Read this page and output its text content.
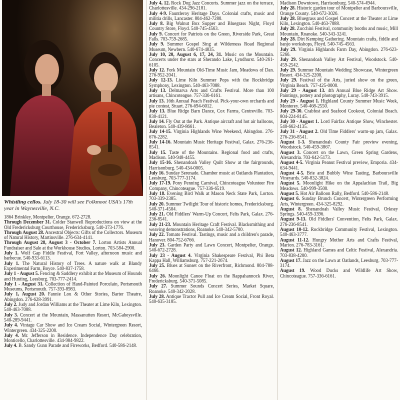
Whistling cellos. July 18-30 will see Folkmoot USA's 17th year in Waynesville, N.C.

1864 Brinkley, Montpelier, Orange. 672-2728.

Through December 31. Colder Stanwell Reproductions on view at the Old Fredericksburg Courthouse, Fredericksburg. 540-373-1776.

Through August 28. Ancestral Objects: Gifts of the Collectors. Museum of Natural History, Martinsville. 276-634-4141.

Through August 28, August 3 - October 7. Lorton Artists Annual Fundraiser and Sale at the Workhouse Studios, Lorton. 703-584-2900.

July 1. Wolf Gap Fiddle Festival, Fort Valley, afternoon music and barbecue. 540-933-6113.

July 1. The Natural History of Trees. A nature walk at Blandy Experimental Farm, Boyce. 540-837-1758.

July 1 - August 5. Fencing & Saddlery exhibit at the Museum of Hounds and Hunting, Leesburg. 703-777-2414.

July 1 - August 31. Collection of Hand-Painted Porcelain, Portsmouth Museums, Portsmouth. 757-393-8983.

July 1, August 20. Fannie Lou & Other Stories, Barter Theatre, Abingdon. 276-628-3991.

July 2. Judy and Jordan Williams at the Theater at Lime Kiln, Lexington. 540-463-7088.

July 3. Concert at the Mountain, Massanutten Resort, McGaheysville. 540-289-9441.

July 4. Vintage Car Show and Ice Cream Social, Wintergreen Resort, Wintergreen. 434-325-2200.

July 4. Mr. Jefferson in Residence. Independence Day celebration, Monticello, Charlottesville. 434-984-9822.

July 4. B. Sandy Gunn Parade and Fireworks, Bedford. 540-586-2148.

July 4, 12. Rock Dog Jazz Concerts. Summer jazz on the terrace, Charlottesville. 434-296-2181.

July 4-9. Fauntleroy Heritage Days. Colonial crafts, music and militia drills, Lancaster. 804-462-7280.

July 8. Big Walnut Box Supper and Bluegrass Night, Floyd Country Store, Floyd. 540-745-4563.

July 9. Concert for Patriots on the Green, Riverside Park, Great Falls. 703-759-2685.

July 9. Summer Gospel Sing at Wilderness Road Regional Museum, Newbern. 540-674-4835.

July 10, 20, August 6, 17, 24, 31. Music on the Mountain. Concerts under the stars at Sherando Lake, Lyndhurst. 540-261-6105.

July 12. Fork Mountain Old-Time Music Jam, Meadows of Dan. 276-952-2041.

July 12-13. Lime Kiln Summer Pops with the Rockbridge Symphony, Lexington. 540-463-7088.

July 13. Delmarva Arts and Crafts Festival. More than 100 artisans, Chincoteague. 757-336-6161.

July 13. 16th Annual Peach Festival. Pick-your-own orchards and pie contest, Stuart. 276-694-6012.

July 13. Blue Ridge Barn Dance, Cox Farms, Centreville. 703-830-4121.

July 14. Fly Out at the Park. Antique aircraft and hot air balloons, Bealeton. 540-439-8661.

July 14-15. Virginia Highlands Wine Weekend, Abingdon. 276-676-2282.

July 14-16. Mountain Music Heritage Festival, Galax. 276-236-8541.

July 15. Taste of the Mountains. Regional food and crafts, Madison. 540-948-4455.

July 15-16. Shenandoah Valley Quilt Show at the fairgrounds, Harrisonburg. 540-434-0005.

July 16. Sunday Serenade. Chamber music at Oatlands Plantation, Leesburg. 703-777-3174.

July 17-19. Pony Penning Carnival, Chincoteague Volunteer Fire Company, Chincoteague. 757-336-6519.

July 18. Evening Bird Walk at Mason Neck State Park, Lorton. 703-339-2385.

July 20. Summer Twilight Tour of historic homes, Fredericksburg. 540-371-4504.

July 21. Old Fiddlers' Warm-Up Concert, Felts Park, Galax. 276-236-8541.

July 21-23. Mountain Heritage Craft Festival. Blacksmithing and weaving demonstrations, Roanoke. 540-342-5700.

July 22. Tomato Festival. Tastings, music and a children's parade, Hanover. 804-752-6766.

July 23. Garden Party and Lawn Concert, Montpelier, Orange. 540-672-2728.

July 23 - August 4. Virginia Shakespeare Festival, Phi Beta Kappa Hall, Williamsburg. 757-221-2674.

July 25. Blues at Sunset on the Riverfront, Richmond. 804-788-6466.

July 26. Moonlight Canoe Float on the Rappahannock River, Fredericksburg. 540-371-5085.

July 27. Summer Sounds Concert Series, Market Square, Roanoke. 540-342-2028.

July 28. Antique Tractor Pull and Ice Cream Social, Front Royal. 540-635-3185.

Madison Downtown, Harrisonburg. 540-574-4944.

July 28. Historic garden tour of Montpelier and Barboursville, Orange County. 540-672-3026.

July 28. Bluegrass and Gospel Concert at the Theater at Lime Kiln, Lexington. 540-463-7088.

July 28. Zucchini Festival, community booths and music, Mill Mountain, Roanoke. 540-343-3241.

July 28. Dirt Kemping Gathering. Mountain crafts, fiddle and banjo workshops, Floyd. 540-745-4563.

July 29. Virginia Highlands Farm Day, Abingdon. 276-623-5266.

July 29. Shenandoah Valley Art Festival, Woodstock. 540-459-2542.

July 29. Summer Mountain Wedding Showcase, Wintergreen Resort. 434-325-2200.

July 29. Festival of the Arts, juried show on the green, Virginia Beach. 757-425-0000.

July 29 - August 13. 4th Annual Blue Ridge Art Show. Paintings, pottery and photography, Luray. 540-743-3915.

July 29 - August 1. Highland County Summer Music Week, Monterey. 540-468-2550.

July 29-30. Crabfest and Seafood Cookout, Colonial Beach. 804-224-8145.

July 30 - August 1. Lord Fairfax Antique Show, Winchester. 540-662-4135.

July 31 - August 2. Old Time Fiddlers' warm-up jam, Galax. 276-236-8541.

August 1-3. Shenandoah County Fair preview evening, Woodstock. 540-459-3867.

August 3. Concert on the Lawn, Green Spring Gardens, Alexandria. 703-642-5173.

August 4-5. Virginia Peanut Festival preview, Emporia. 434-634-9441.

August 4-5. Brie and Bubbly Wine Tasting, Barboursville Vineyards. 540-832-3824.

August 5. Moonlight Hike on the Appalachian Trail, Big Meadows. 540-999-3500.

August 5. Hot Air Balloon Rally, Bedford. 540-586-2148.

August 6. Sunday Brunch Concert, Wintergreen Performing Arts, Wintergreen. 434-325-8292.

August 8. Shenandoah Valley Music Festival, Orkney Springs. 540-459-3396.

August 9-13. Old Fiddlers' Convention, Felts Park, Galax. 276-236-8541.

August 10-12. Rockbridge Community Festival, Lexington. 540-463-3777.

August 11-12. Hungry Mother Arts and Crafts Festival, Marion. 276-783-3161.

August 12. Highland Games and Celtic Festival, Alexandria. 703-838-4200.

August 17. Jazz on the Lawn at Oatlands, Leesburg. 703-777-3174.

August 19. Wood Ducks and Wildlife Art Show, Chincoteague. 757-336-6161.
